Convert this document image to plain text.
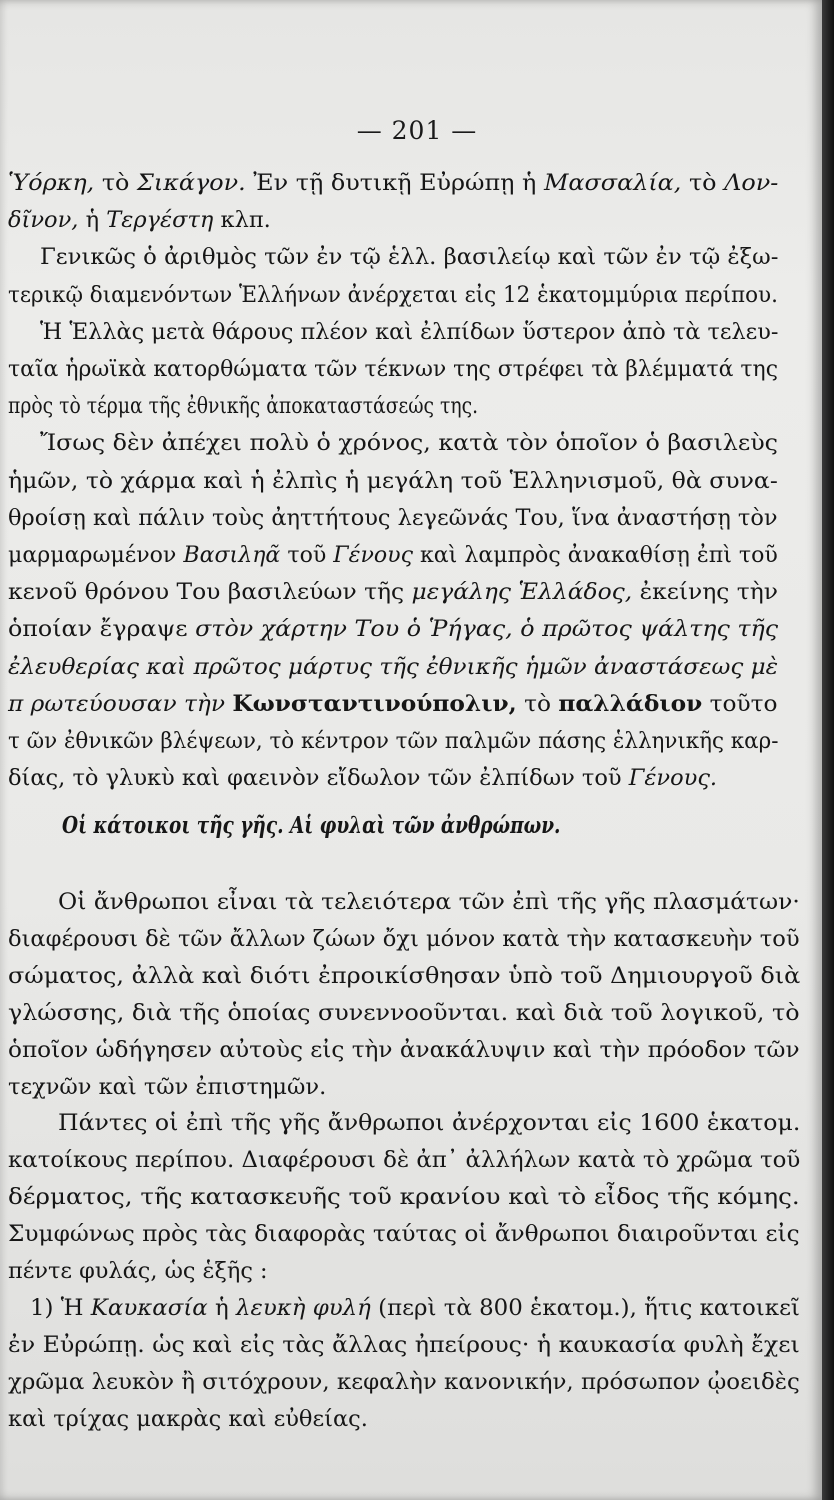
— 201 —
Ὑόρκη, τὸ Σικάγον. Ἐν τῇ δυτικῇ Εὐρώπῃ ἡ Μασσαλία, τὸ Λον-
δῖνον, ἡ Τεργέστη κλπ.
Γενικῶς ὁ ἀριθμὸς τῶν ἐν τῷ ἑλλ. βασιλείῳ καὶ τῶν ἐν τῷ ἐξω-
τερικῷ διαμενόντων Ἑλλήνων ἀνέρχεται εἰς 12 ἑκατομμύρια περίπου.
Ἡ Ἑλλὰς μετὰ θάρους πλέον καὶ ἐλπίδων ὕστερον ἀπὸ τὰ τελευ-
ταῖα ἡρωϊκὰ κατορθώματα τῶν τέκνων της στρέφει τὰ βλέμματά της
πρὸς τὸ τέρμα τῆς ἐθνικῆς ἀποκαταστάσεώς της.
Ἴσως δὲν ἀπέχει πολὺ ὁ χρόνος, κατὰ τὸν ὁποῖον ὁ βασιλεὺς
ἡμῶν, τὸ χάρμα καὶ ἡ ἐλπὶς ἡ μεγάλη τοῦ Ἑλληνισμοῦ, θὰ συνα-
θροίσῃ καὶ πάλιν τοὺς ἀηττήτους λεγεῶνάς Του, ἵνα ἀναστήσῃ τὸν
μαρμαρωμένον Βασιληᾶ τοῦ Γένους καὶ λαμπρὸς ἀνακαθίσῃ ἐπὶ τοῦ
κενοῦ θρόνου Του βασιλεύων τῆς μεγάλης Ἑλλάδος, ἐκείνης τὴν
ὁποίαν ἔγραψε στὸν χάρτην Του ὁ Ῥήγας, ὁ πρῶτος ψάλτης τῆς
ἐλευθερίας καὶ πρῶτος μάρτυς τῆς ἐθνικῆς ἡμῶν ἀναστάσεως μὲ
π ρωτεύουσαν τὴν Κωνσταντινούπολιν, τὸ παλλάδιον τοῦτο
τ ῶν ἐθνικῶν βλέψεων, τὸ κέντρον τῶν παλμῶν πάσης ἑλληνικῆς καρ-
δίας, τὸ γλυκὺ καὶ φαεινὸν εἴδωλον τῶν ἐλπίδων τοῦ Γένους.
Οἱ κάτοικοι τῆς γῆς. Αἱ φυλαὶ τῶν ἀνθρώπων.
Οἱ ἄνθρωποι εἶναι τὰ τελειότερα τῶν ἐπὶ τῆς γῆς πλασμάτων·
διαφέρουσι δὲ τῶν ἄλλων ζώων ὄχι μόνον κατὰ τὴν κατασκευὴν τοῦ
σώματος, ἀλλὰ καὶ διότι ἐπροικίσθησαν ὑπὸ τοῦ Δημιουργοῦ διὰ
γλώσσης, διὰ τῆς ὁποίας συνεννοοῦνται. καὶ διὰ τοῦ λογικοῦ, τὸ
ὁποῖον ὡδήγησεν αὐτοὺς εἰς τὴν ἀνακάλυψιν καὶ τὴν πρόοδον τῶν
τεχνῶν καὶ τῶν ἐπιστημῶν.
Πάντες οἱ ἐπὶ τῆς γῆς ἄνθρωποι ἀνέρχονται εἰς 1600 ἑκατομ.
κατοίκους περίπου. Διαφέρουσι δὲ ἀπ᾿ ἀλλήλων κατὰ τὸ χρῶμα τοῦ
δέρματος, τῆς κατασκευῆς τοῦ κρανίου καὶ τὸ εἶδος τῆς κόμης.
Συμφώνως πρὸς τὰς διαφορὰς ταύτας οἱ ἄνθρωποι διαιροῦνται εἰς
πέντε φυλάς, ὡς ἑξῆς :
1) Ἡ Καυκασία ἡ λευκὴ φυλή (περὶ τὰ 800 ἑκατομ.), ἥτις κατοικεῖ
ἐν Εὐρώπῃ. ὡς καὶ εἰς τὰς ἄλλας ἠπείρους· ἡ καυκασία φυλὴ ἔχει
χρῶμα λευκὸν ἢ σιτόχρουν, κεφαλὴν κανονικήν, πρόσωπον ᾠοειδὲς
καὶ τρίχας μακρὰς καὶ εὐθείας.
